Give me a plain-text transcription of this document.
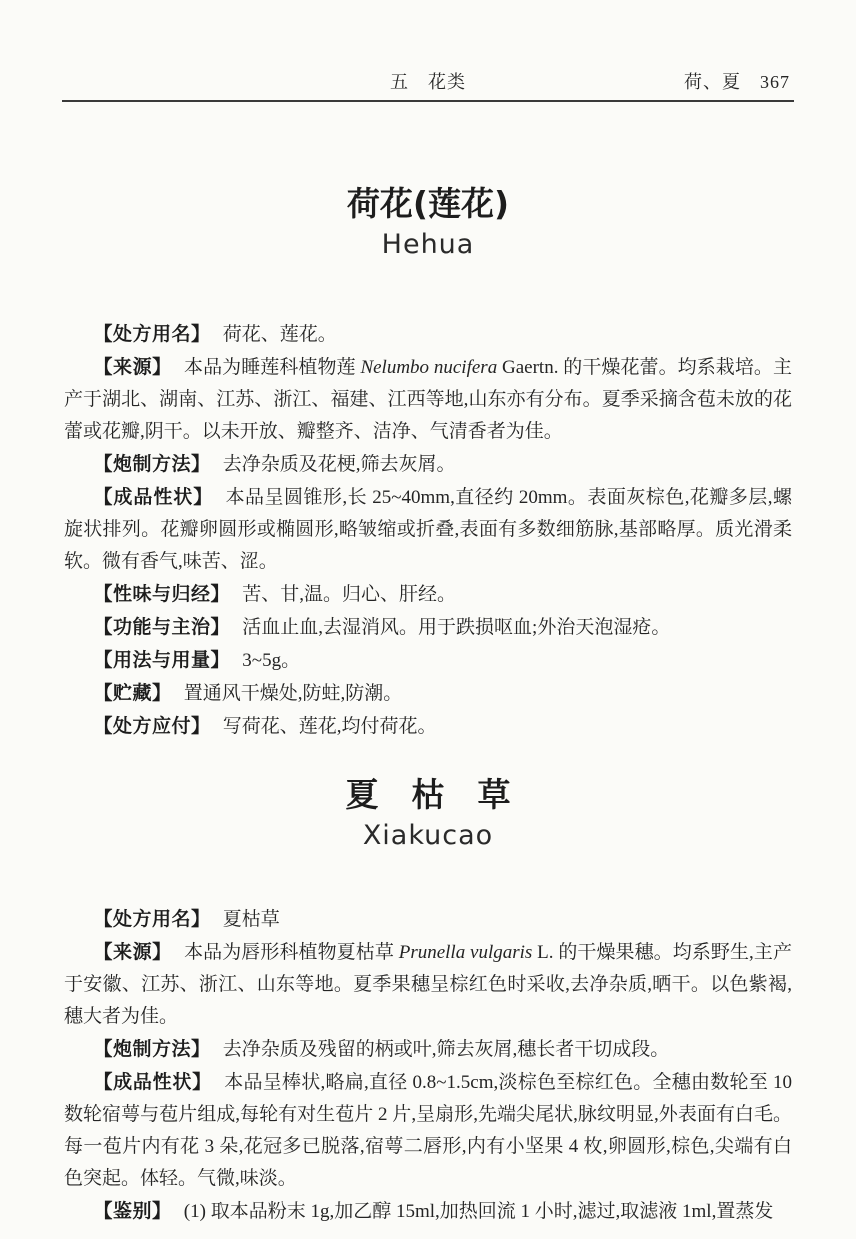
五　花类	荷、夏　367
荷花(莲花)
Hehua

【处方用名】 荷花、莲花。

【来源】 本品为睡莲科植物莲 Nelumbo nucifera Gaertn. 的干燥花蕾。均系栽培。主产于湖北、湖南、江苏、浙江、福建、江西等地,山东亦有分布。夏季采摘含苞未放的花蕾或花瓣,阴干。以未开放、瓣整齐、洁净、气清香者为佳。

【炮制方法】 去净杂质及花梗,筛去灰屑。

【成品性状】 本品呈圆锥形,长 25~40mm,直径约 20mm。表面灰棕色,花瓣多层,螺旋状排列。花瓣卵圆形或椭圆形,略皱缩或折叠,表面有多数细筋脉,基部略厚。质光滑柔软。微有香气,味苦、涩。

【性味与归经】 苦、甘,温。归心、肝经。

【功能与主治】 活血止血,去湿消风。用于跌损呕血;外治天泡湿疮。

【用法与用量】 3~5g。

【贮藏】 置通风干燥处,防蛀,防潮。

【处方应付】 写荷花、莲花,均付荷花。

夏　枯　草
Xiakucao

【处方用名】 夏枯草

【来源】 本品为唇形科植物夏枯草 Prunella vulgaris L. 的干燥果穗。均系野生,主产于安徽、江苏、浙江、山东等地。夏季果穗呈棕红色时采收,去净杂质,晒干。以色紫褐,穗大者为佳。

【炮制方法】 去净杂质及残留的柄或叶,筛去灰屑,穗长者干切成段。

【成品性状】 本品呈棒状,略扁,直径 0.8~1.5cm,淡棕色至棕红色。全穗由数轮至 10 数轮宿萼与苞片组成,每轮有对生苞片 2 片,呈扇形,先端尖尾状,脉纹明显,外表面有白毛。每一苞片内有花 3 朵,花冠多已脱落,宿萼二唇形,内有小坚果 4 枚,卵圆形,棕色,尖端有白色突起。体轻。气微,味淡。

【鉴别】 (1) 取本品粉末 1g,加乙醇 15ml,加热回流 1 小时,滤过,取滤液 1ml,置蒸发
